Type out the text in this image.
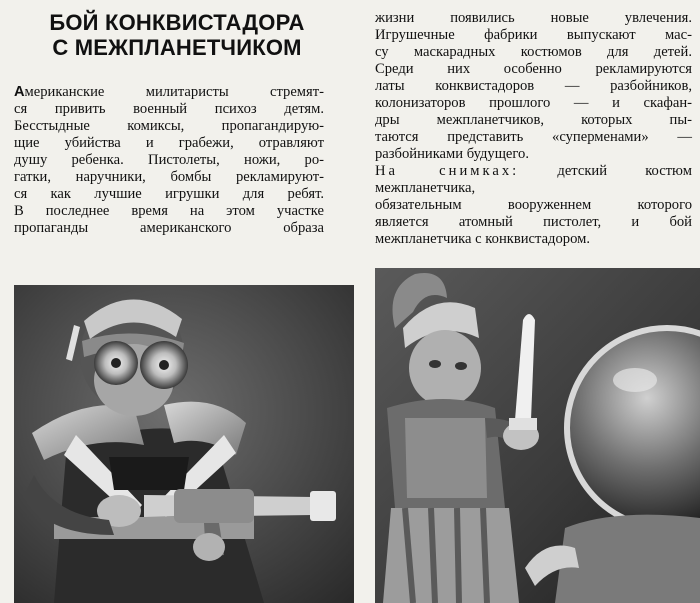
БОЙ КОНКВИСТАДОРА
С МЕЖПЛАНЕТЧИКОМ
Американские милитаристы стремят-
ся привить военный психоз детям.
Бесстыдные комиксы, пропагандирую-
щие убийства и грабежи, отравляют
душу ребенка. Пистолеты, ножи, ро-
гатки, наручники, бомбы рекламируют-
ся как лучшие игрушки для ребят.
В последнее время на этом участке
пропаганды американского образа
жизни появились новые увлечения.
Игрушечные фабрики выпускают мас-
су маскарадных костюмов для детей.
Среди них особенно рекламируются
латы конквистадоров — разбойников,
колонизаторов прошлого — и скафан-
дры межпланетчиков, которых пы-
таются представить «суперменами» —
разбойниками будущего.
На снимках:	детский костюм межпланетчика,
обязательным вооруженнем которого
является атомный пистолет, и бой
межпланетчика с конквистадором.
